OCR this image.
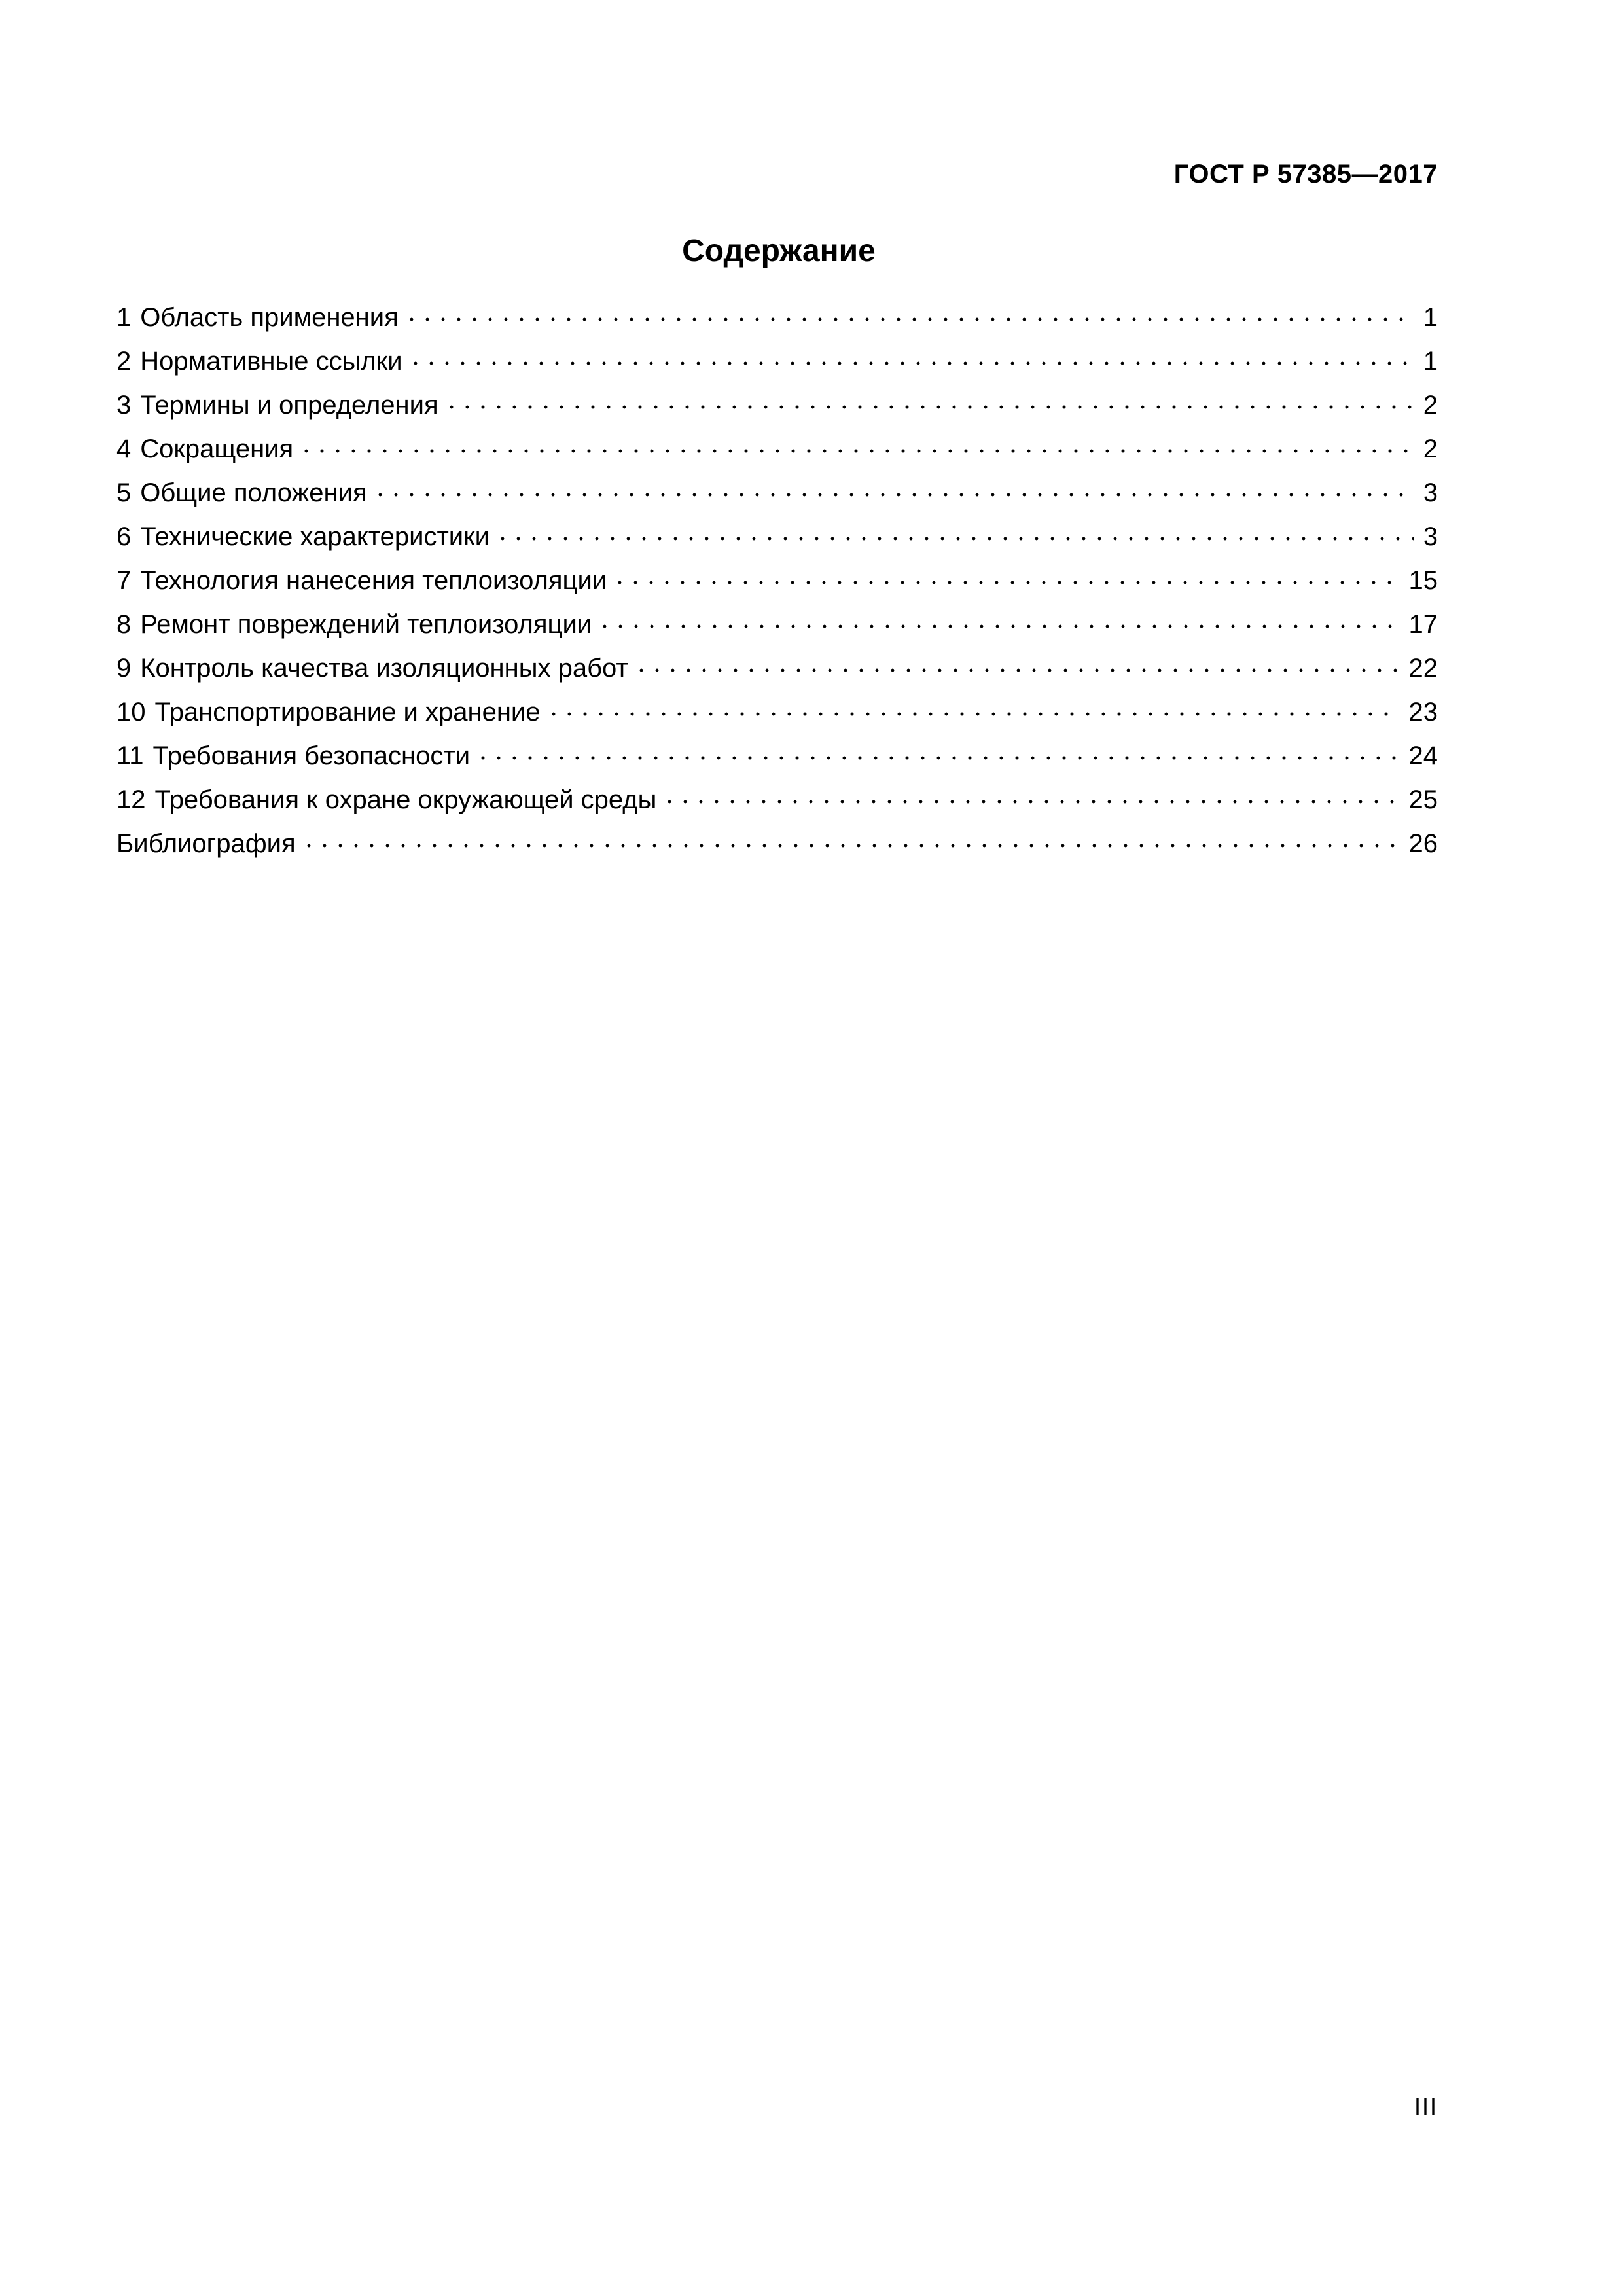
ГОСТ Р 57385—2017
Содержание
1 Область применения	1
2 Нормативные ссылки	1
3 Термины и определения	2
4 Сокращения	2
5 Общие положения	3
6 Технические характеристики	3
7 Технология нанесения теплоизоляции	15
8 Ремонт повреждений теплоизоляции	17
9 Контроль качества изоляционных работ	22
10 Транспортирование и хранение	23
11 Требования безопасности	24
12 Требования к охране окружающей среды	25
Библиография	26
III
